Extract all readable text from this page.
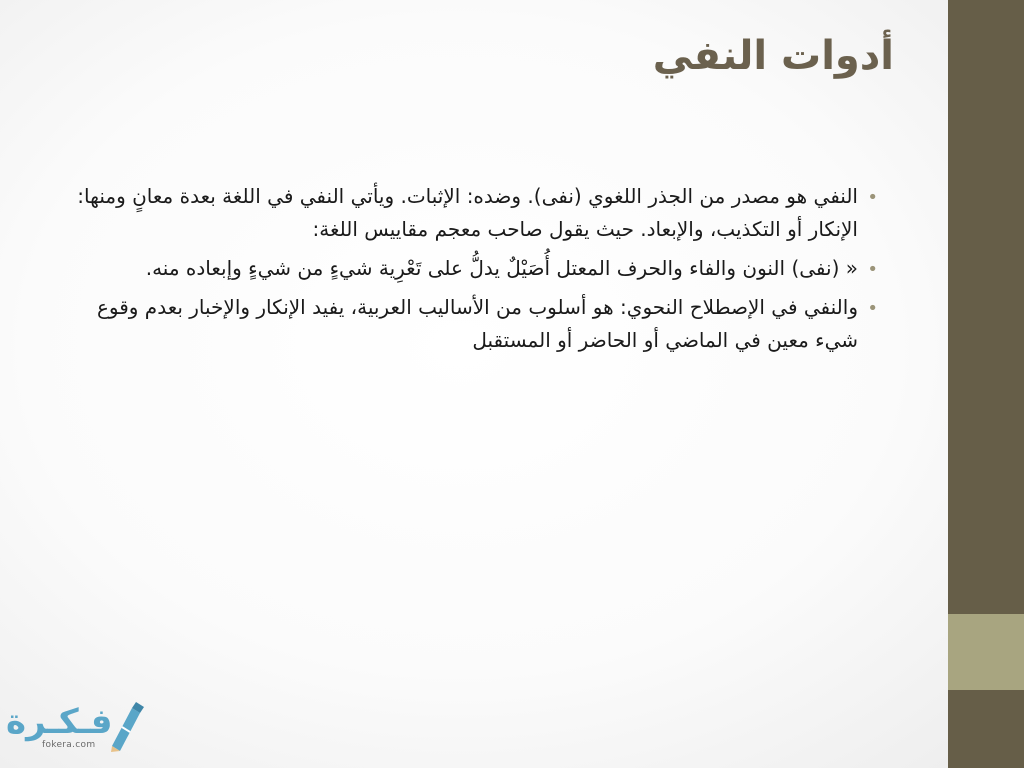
أدوات النفي
•
النفي هو مصدر من الجذر اللغوي (نفى). وضده: الإثبات. ويأتي النفي في اللغة بعدة معانٍ ومنها: الإنكار أو التكذيب، والإبعاد. حيث يقول صاحب معجم مقاييس اللغة:
•
« (نفى) النون والفاء والحرف المعتل أُصَيْلٌ يدلُّ على تَعْرِية شيءٍ من شيءٍ وإبعاده منه.
•
والنفي في الإصطلاح النحوي: هو أسلوب من الأساليب العربية، يفيد الإنكار والإخبار بعدم وقوع شيء معين في الماضي أو الحاضر أو المستقبل
فـكـرة
fokera.com
